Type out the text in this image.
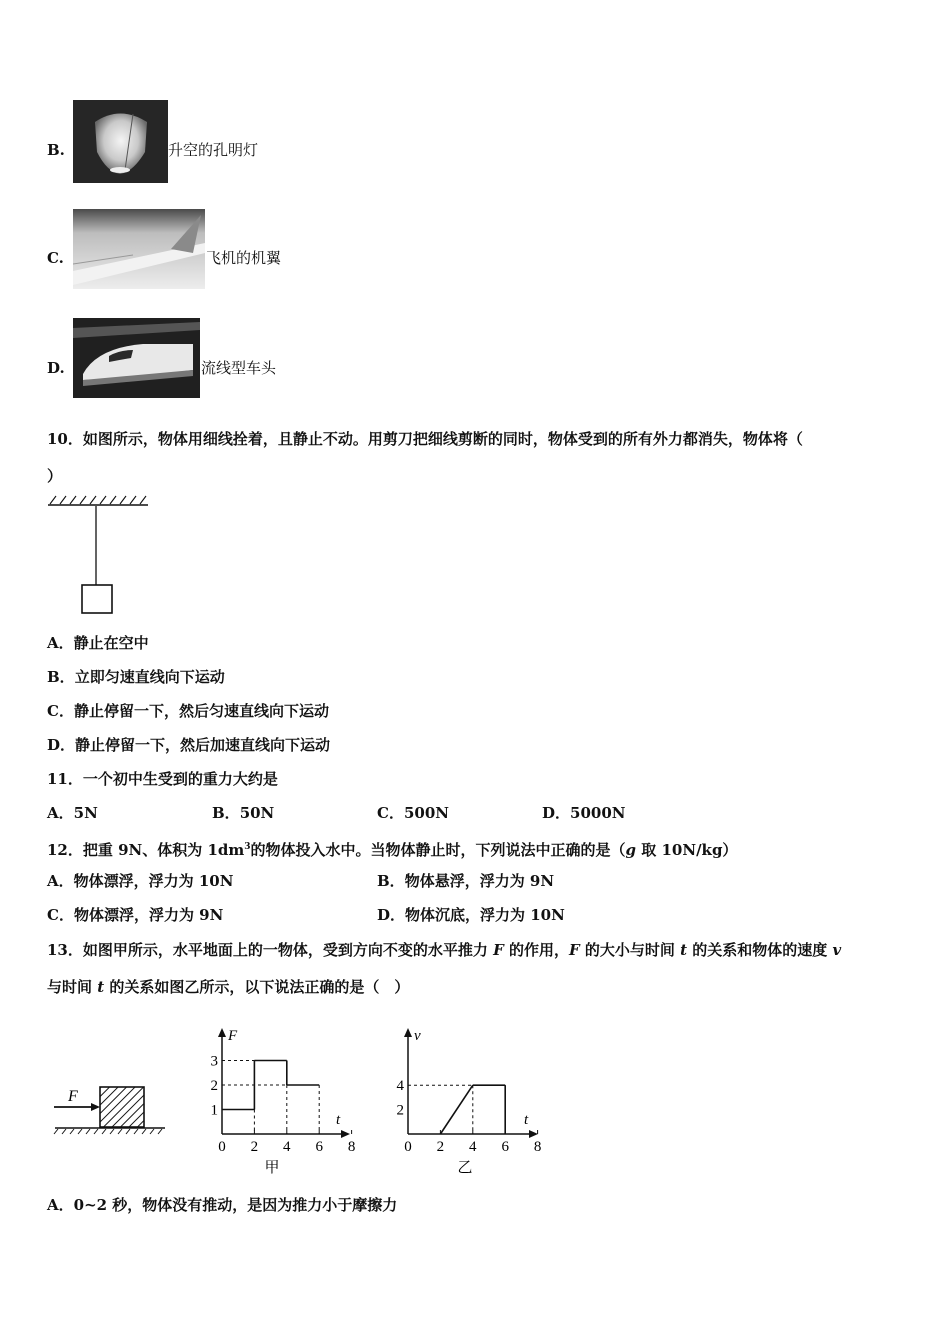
B.	升空的孔明灯
C.	飞机的机翼
D.	流线型车头
10．如图所示，物体用细线拴着，且静止不动。用剪刀把细线剪断的同时，物体受到的所有外力都消失，物体将（
）
A．静止在空中
B．立即匀速直线向下运动
C．静止停留一下，然后匀速直线向下运动
D．静止停留一下，然后加速直线向下运动
11．一个初中生受到的重力大约是
A．5N	B．50N	C．500N	D．5000N
12．把重 9N、体积为 $1dm^3$的物体投入水中。当物体静止时，下列说法中正确的是（g 取 10N/kg）
A．物体漂浮，浮力为 10N	B．物体悬浮，浮力为 9N
C．物体漂浮，浮力为 9N	D．物体沉底，浮力为 10N
13．如图甲所示，水平地面上的一物体，受到方向不变的水平推力 F 的作用，F 的大小与时间 t 的关系和物体的速度 v
与时间 t 的关系如图乙所示，以下说法正确的是（　）
F
t
F
0 2 4 6 8
1
2
3
甲
t
v
0 2 4 6 8
2
4
乙
A．0~2 秒，物体没有推动，是因为推力小于摩擦力
